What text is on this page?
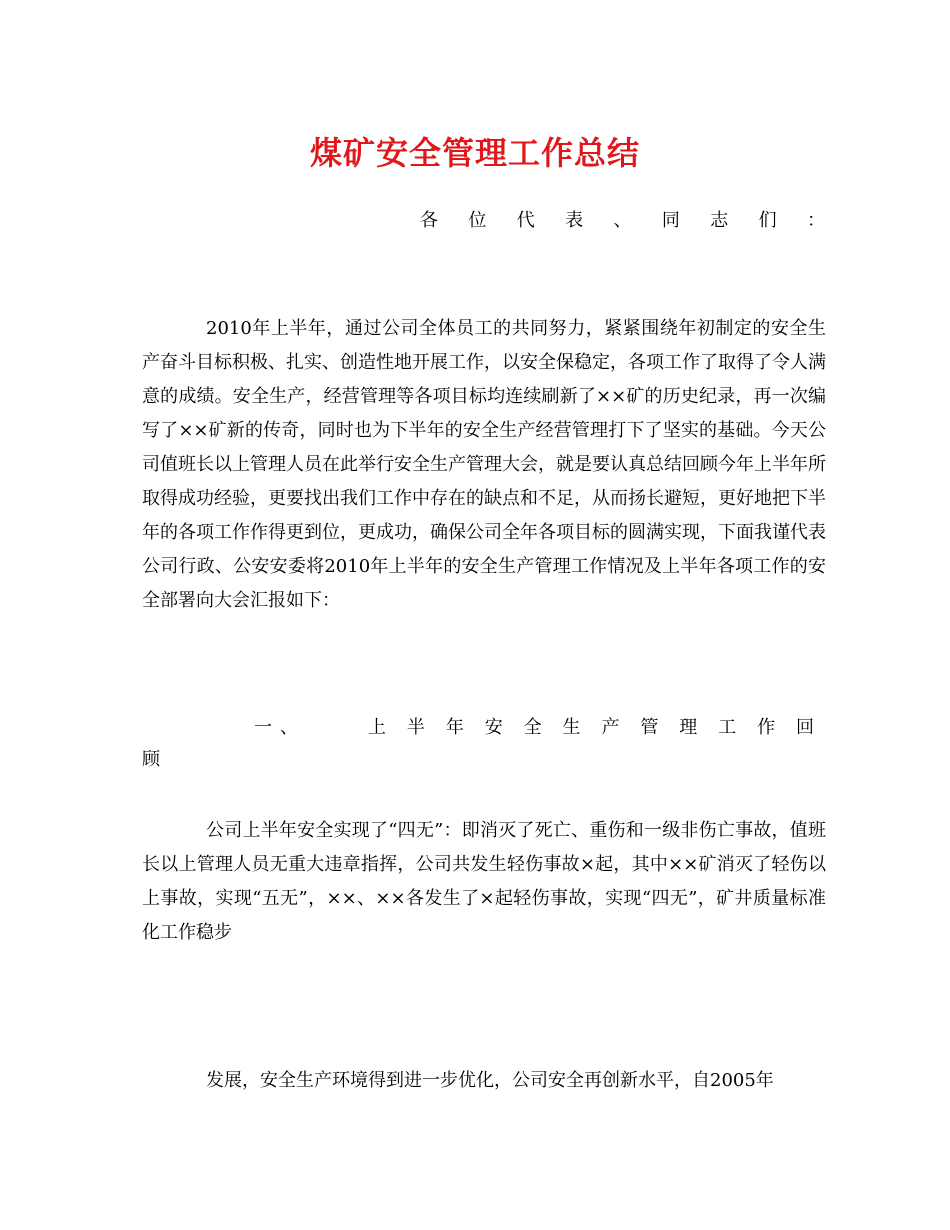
煤矿安全管理工作总结
各 位 代 表 、 同 志 们 ：

2010年上半年，通过公司全体员工的共同努力，紧紧围绕年初制定的安全生产奋斗目标积极、扎实、创造性地开展工作，以安全保稳定，各项工作了取得了令人满意的成绩。安全生产，经营管理等各项目标均连续刷新了××矿的历史纪录，再一次编写了××矿新的传奇，同时也为下半年的安全生产经营管理打下了坚实的基础。今天公司值班长以上管理人员在此举行安全生产管理大会，就是要认真总结回顾今年上半年所取得成功经验，更要找出我们工作中存在的缺点和不足，从而扬长避短，更好地把下半年的各项工作作得更到位，更成功，确保公司全年各项目标的圆满实现，下面我谨代表公司行政、公安安委将2010年上半年的安全生产管理工作情况及上半年各项工作的安全部署向大会汇报如下：

一 、	上 半 年 安 全 生 产 管 理 工 作 回
顾

公司上半年安全实现了“四无”：即消灭了死亡、重伤和一级非伤亡事故，值班长以上管理人员无重大违章指挥，公司共发生轻伤事故×起，其中××矿消灭了轻伤以上事故，实现“五无”，××、××各发生了×起轻伤事故，实现“四无”，矿井质量标准化工作稳步

发展，安全生产环境得到进一步优化，公司安全再创新水平，自2005年
